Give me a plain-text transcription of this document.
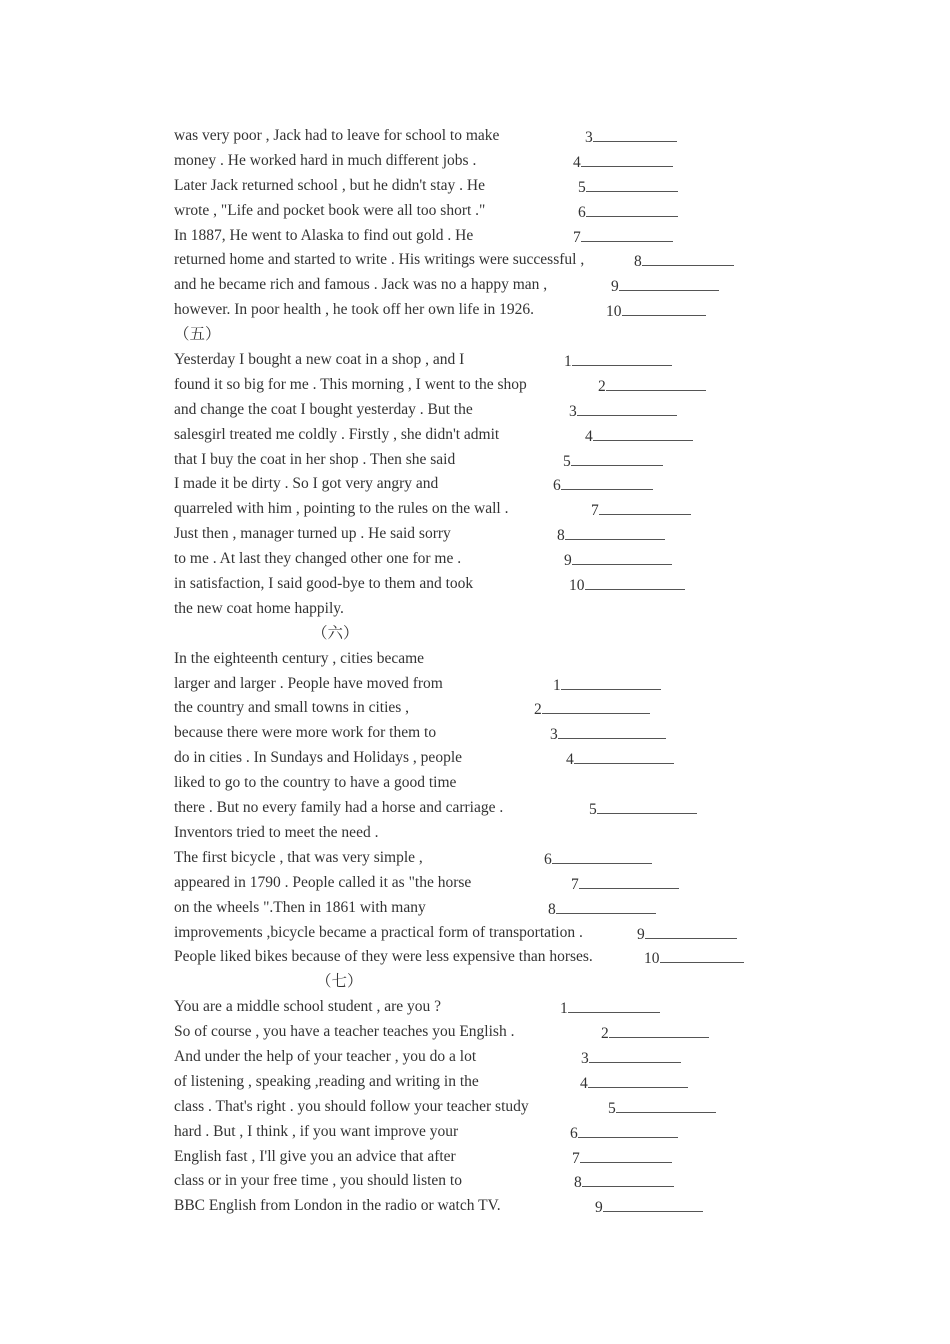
was very poor , Jack had to leave for school to make	3
money . He worked hard in much different jobs .	4
Later Jack returned school , but he didn't stay . He	5
wrote , "Life and pocket book were all too short ."	6
In 1887, He went to Alaska to find out gold . He	7
returned home and started to write . His writings were successful ,	8
and he became rich and famous . Jack was no a happy man ,	9
however. In poor health , he took off her own life in 1926.	10
（五）
Yesterday I bought a new coat in a shop , and I	1
found it so big for me . This morning , I went to the shop	2
and change the coat I bought yesterday . But the	3
salesgirl treated me coldly . Firstly , she didn't admit	4
that I buy the coat in her shop . Then she said	5
I made it be dirty . So I got very angry and	6
quarreled with him , pointing to the rules on the wall .	7
Just then , manager turned up . He said sorry	8
to me . At last they changed other one for me .	9
in satisfaction, I said good-bye to them and took	10
the new coat home happily.
（六）
In the eighteenth century , cities became
larger and larger . People have moved from	1
the country and small towns in cities ,	2
because there were more work for them to	3
do in cities . In Sundays and Holidays , people	4
liked to go to the country to have a good time
there . But no every family had a horse and carriage .	5
Inventors tried to meet the need .
The first bicycle , that was very simple ,	6
appeared in 1790 . People called it as "the horse	7
on the wheels ".Then in 1861 with many	8
improvements ,bicycle became a practical form of transportation .	9
People liked bikes because of they were less expensive than horses.	10
（七）
You are a middle school student , are you ?	1
So of course , you have a teacher teaches you English .	2
And under the help of your teacher , you do a lot	3
of listening , speaking ,reading and writing in the	4
class . That's right . you should follow your teacher study	5
hard . But , I think , if you want improve your	6
English fast , I'll give you an advice that after	7
class or in your free time , you should listen to	8
BBC English from London in the radio or watch TV.	9
